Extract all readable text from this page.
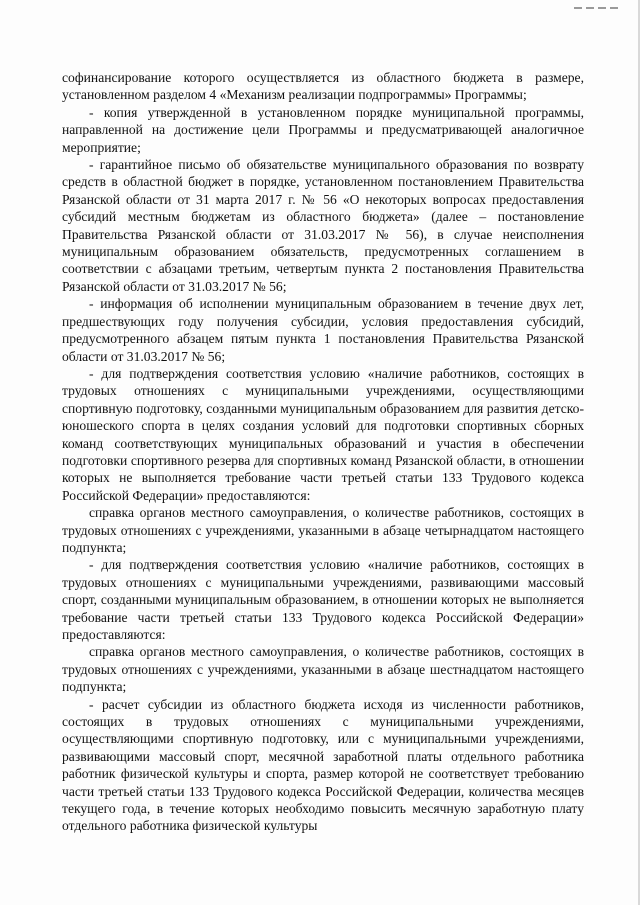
софинансирование которого осуществляется из областного бюджета в размере, установленном разделом 4 «Механизм реализации подпрограммы» Программы;

- копия утвержденной в установленном порядке муниципальной программы, направленной на достижение цели Программы и предусматривающей аналогичное мероприятие;

- гарантийное письмо об обязательстве муниципального образования по возврату средств в областной бюджет в порядке, установленном постановлением Правительства Рязанской области от 31 марта 2017 г. № 56 «О некоторых вопросах предоставления субсидий местным бюджетам из областного бюджета» (далее – постановление Правительства Рязанской области от 31.03.2017 № 56), в случае неисполнения муниципальным образованием обязательств, предусмотренных соглашением в соответствии с абзацами третьим, четвертым пункта 2 постановления Правительства Рязанской области от 31.03.2017 № 56;

- информация об исполнении муниципальным образованием в течение двух лет, предшествующих году получения субсидии, условия предоставления субсидий, предусмотренного абзацем пятым пункта 1 постановления Правительства Рязанской области от 31.03.2017 № 56;

- для подтверждения соответствия условию «наличие работников, состоящих в трудовых отношениях с муниципальными учреждениями, осуществляющими спортивную подготовку, созданными муниципальным образованием для развития детско-юношеского спорта в целях создания условий для подготовки спортивных сборных команд соответствующих муниципальных образований и участия в обеспечении подготовки спортивного резерва для спортивных команд Рязанской области, в отношении которых не выполняется требование части третьей статьи 133 Трудового кодекса Российской Федерации» предоставляются:

справка органов местного самоуправления, о количестве работников, состоящих в трудовых отношениях с учреждениями, указанными в абзаце четырнадцатом настоящего подпункта;

- для подтверждения соответствия условию «наличие работников, состоящих в трудовых отношениях с муниципальными учреждениями, развивающими массовый спорт, созданными муниципальным образованием, в отношении которых не выполняется требование части третьей статьи 133 Трудового кодекса Российской Федерации» предоставляются:

справка органов местного самоуправления, о количестве работников, состоящих в трудовых отношениях с учреждениями, указанными в абзаце шестнадцатом настоящего подпункта;

- расчет субсидии из областного бюджета исходя из численности работников, состоящих в трудовых отношениях с муниципальными учреждениями, осуществляющими спортивную подготовку, или с муниципальными учреждениями, развивающими массовый спорт, месячной заработной платы отдельного работника работник физической культуры и спорта, размер которой не соответствует требованию части третьей статьи 133 Трудового кодекса Российской Федерации, количества месяцев текущего года, в течение которых необходимо повысить месячную заработную плату отдельного работника физической культуры
